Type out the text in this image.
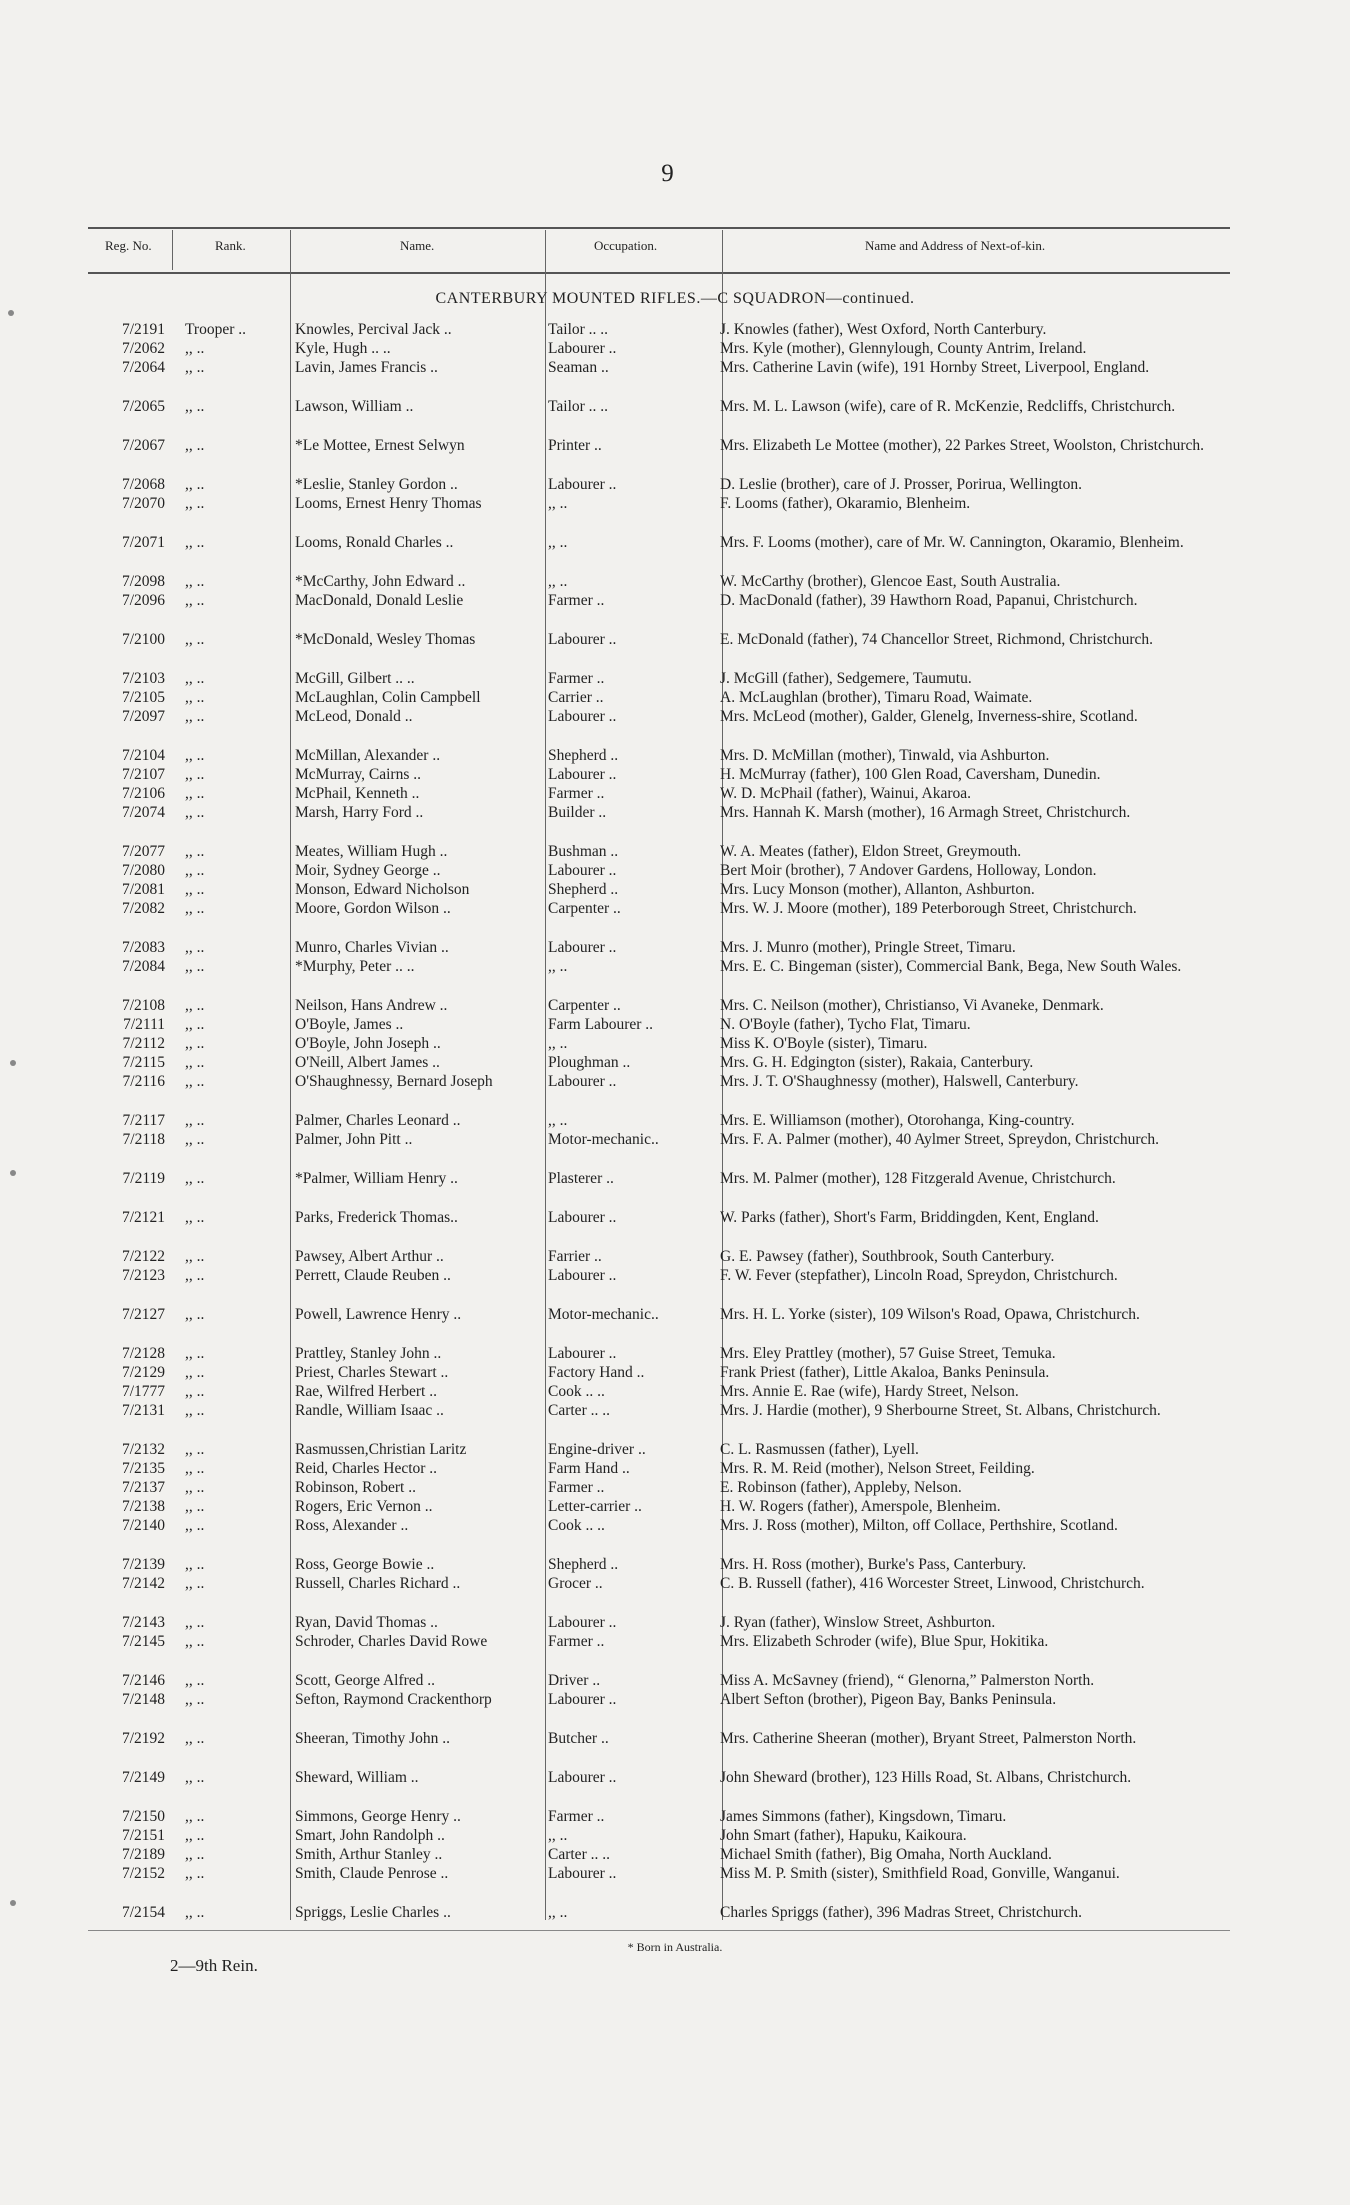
9
Reg. No.	Rank.	Name.	Occupation.	Name and Address of Next-of-kin.
CANTERBURY MOUNTED RIFLES.—C SQUADRON—continued.
7/2191 Trooper ..	Knowles, Percival Jack ..	Tailor .. ..	J. Knowles (father), West Oxford, North Canterbury.
7/2062 ,, ..	Kyle, Hugh .. ..	Labourer ..	Mrs. Kyle (mother), Glennylough, County Antrim, Ireland.
7/2064 ,, ..	Lavin, James Francis ..	Seaman ..	Mrs. Catherine Lavin (wife), 191 Hornby Street, Liverpool, England.
7/2065 ,, ..	Lawson, William ..	Tailor .. ..	Mrs. M. L. Lawson (wife), care of R. McKenzie, Redcliffs, Christchurch.
7/2067 ,, ..	*Le Mottee, Ernest Selwyn	Printer ..	Mrs. Elizabeth Le Mottee (mother), 22 Parkes Street, Woolston, Christchurch.
7/2068 ,, ..	*Leslie, Stanley Gordon ..	Labourer ..	D. Leslie (brother), care of J. Prosser, Porirua, Wellington.
7/2070 ,, ..	Looms, Ernest Henry Thomas	,, ..	F. Looms (father), Okaramio, Blenheim.
7/2071 ,, ..	Looms, Ronald Charles ..	,, ..	Mrs. F. Looms (mother), care of Mr. W. Cannington, Okaramio, Blenheim.
7/2098 ,, ..	*McCarthy, John Edward ..	,, ..	W. McCarthy (brother), Glencoe East, South Australia.
7/2096 ,, ..	MacDonald, Donald Leslie	Farmer ..	D. MacDonald (father), 39 Hawthorn Road, Papanui, Christchurch.
7/2100 ,, ..	*McDonald, Wesley Thomas	Labourer ..	E. McDonald (father), 74 Chancellor Street, Richmond, Christchurch.
7/2103 ,, ..	McGill, Gilbert .. ..	Farmer ..	J. McGill (father), Sedgemere, Taumutu.
7/2105 ,, ..	McLaughlan, Colin Campbell	Carrier ..	A. McLaughlan (brother), Timaru Road, Waimate.
7/2097 ,, ..	McLeod, Donald ..	Labourer ..	Mrs. McLeod (mother), Galder, Glenelg, Inverness-shire, Scotland.
7/2104 ,, ..	McMillan, Alexander ..	Shepherd ..	Mrs. D. McMillan (mother), Tinwald, via Ashburton.
7/2107 ,, ..	McMurray, Cairns ..	Labourer ..	H. McMurray (father), 100 Glen Road, Caversham, Dunedin.
7/2106 ,, ..	McPhail, Kenneth ..	Farmer ..	W. D. McPhail (father), Wainui, Akaroa.
7/2074 ,, ..	Marsh, Harry Ford ..	Builder ..	Mrs. Hannah K. Marsh (mother), 16 Armagh Street, Christchurch.
7/2077 ,, ..	Meates, William Hugh ..	Bushman ..	W. A. Meates (father), Eldon Street, Greymouth.
7/2080 ,, ..	Moir, Sydney George ..	Labourer ..	Bert Moir (brother), 7 Andover Gardens, Holloway, London.
7/2081 ,, ..	Monson, Edward Nicholson	Shepherd ..	Mrs. Lucy Monson (mother), Allanton, Ashburton.
7/2082 ,, ..	Moore, Gordon Wilson ..	Carpenter ..	Mrs. W. J. Moore (mother), 189 Peterborough Street, Christchurch.
7/2083 ,, ..	Munro, Charles Vivian ..	Labourer ..	Mrs. J. Munro (mother), Pringle Street, Timaru.
7/2084 ,, ..	*Murphy, Peter .. ..	,, ..	Mrs. E. C. Bingeman (sister), Commercial Bank, Bega, New South Wales.
7/2108 ,, ..	Neilson, Hans Andrew ..	Carpenter ..	Mrs. C. Neilson (mother), Christianso, Vi Avaneke, Denmark.
7/2111 ,, ..	O'Boyle, James ..	Farm Labourer ..	N. O'Boyle (father), Tycho Flat, Timaru.
7/2112 ,, ..	O'Boyle, John Joseph ..	,, ..	Miss K. O'Boyle (sister), Timaru.
7/2115 ,, ..	O'Neill, Albert James ..	Ploughman ..	Mrs. G. H. Edgington (sister), Rakaia, Canterbury.
7/2116 ,, ..	O'Shaughnessy, Bernard Joseph	Labourer ..	Mrs. J. T. O'Shaughnessy (mother), Halswell, Canterbury.
7/2117 ,, ..	Palmer, Charles Leonard ..	,, ..	Mrs. E. Williamson (mother), Otorohanga, King-country.
7/2118 ,, ..	Palmer, John Pitt ..	Motor-mechanic..	Mrs. F. A. Palmer (mother), 40 Aylmer Street, Spreydon, Christchurch.
7/2119 ,, ..	*Palmer, William Henry ..	Plasterer ..	Mrs. M. Palmer (mother), 128 Fitzgerald Avenue, Christchurch.
7/2121 ,, ..	Parks, Frederick Thomas..	Labourer ..	W. Parks (father), Short's Farm, Briddingden, Kent, England.
7/2122 ,, ..	Pawsey, Albert Arthur ..	Farrier ..	G. E. Pawsey (father), Southbrook, South Canterbury.
7/2123 ,, ..	Perrett, Claude Reuben ..	Labourer ..	F. W. Fever (stepfather), Lincoln Road, Spreydon, Christchurch.
7/2127 ,, ..	Powell, Lawrence Henry ..	Motor-mechanic..	Mrs. H. L. Yorke (sister), 109 Wilson's Road, Opawa, Christchurch.
7/2128 ,, ..	Prattley, Stanley John ..	Labourer ..	Mrs. Eley Prattley (mother), 57 Guise Street, Temuka.
7/2129 ,, ..	Priest, Charles Stewart ..	Factory Hand ..	Frank Priest (father), Little Akaloa, Banks Peninsula.
7/1777 ,, ..	Rae, Wilfred Herbert ..	Cook .. ..	Mrs. Annie E. Rae (wife), Hardy Street, Nelson.
7/2131 ,, ..	Randle, William Isaac ..	Carter .. ..	Mrs. J. Hardie (mother), 9 Sherbourne Street, St. Albans, Christchurch.
7/2132 ,, ..	Rasmussen,Christian Laritz	Engine-driver ..	C. L. Rasmussen (father), Lyell.
7/2135 ,, ..	Reid, Charles Hector ..	Farm Hand ..	Mrs. R. M. Reid (mother), Nelson Street, Feilding.
7/2137 ,, ..	Robinson, Robert ..	Farmer ..	E. Robinson (father), Appleby, Nelson.
7/2138 ,, ..	Rogers, Eric Vernon ..	Letter-carrier ..	H. W. Rogers (father), Amerspole, Blenheim.
7/2140 ,, ..	Ross, Alexander ..	Cook .. ..	Mrs. J. Ross (mother), Milton, off Collace, Perthshire, Scotland.
7/2139 ,, ..	Ross, George Bowie ..	Shepherd ..	Mrs. H. Ross (mother), Burke's Pass, Canterbury.
7/2142 ,, ..	Russell, Charles Richard ..	Grocer ..	C. B. Russell (father), 416 Worcester Street, Linwood, Christchurch.
7/2143 ,, ..	Ryan, David Thomas ..	Labourer ..	J. Ryan (father), Winslow Street, Ashburton.
7/2145 ,, ..	Schroder, Charles David Rowe	Farmer ..	Mrs. Elizabeth Schroder (wife), Blue Spur, Hokitika.
7/2146 ,, ..	Scott, George Alfred ..	Driver ..	Miss A. McSavney (friend), “ Glenorna,” Palmerston North.
7/2148 ,, ..	Sefton, Raymond Crackenthorp	Labourer ..	Albert Sefton (brother), Pigeon Bay, Banks Peninsula.
7/2192 ,, ..	Sheeran, Timothy John ..	Butcher ..	Mrs. Catherine Sheeran (mother), Bryant Street, Palmerston North.
7/2149 ,, ..	Sheward, William ..	Labourer ..	John Sheward (brother), 123 Hills Road, St. Albans, Christchurch.
7/2150 ,, ..	Simmons, George Henry ..	Farmer ..	James Simmons (father), Kingsdown, Timaru.
7/2151 ,, ..	Smart, John Randolph ..	,, ..	John Smart (father), Hapuku, Kaikoura.
7/2189 ,, ..	Smith, Arthur Stanley ..	Carter .. ..	Michael Smith (father), Big Omaha, North Auckland.
7/2152 ,, ..	Smith, Claude Penrose ..	Labourer ..	Miss M. P. Smith (sister), Smithfield Road, Gonville, Wanganui.
7/2154 ,, ..	Spriggs, Leslie Charles ..	,, ..	Charles Spriggs (father), 396 Madras Street, Christchurch.
* Born in Australia.
2—9th Rein.
